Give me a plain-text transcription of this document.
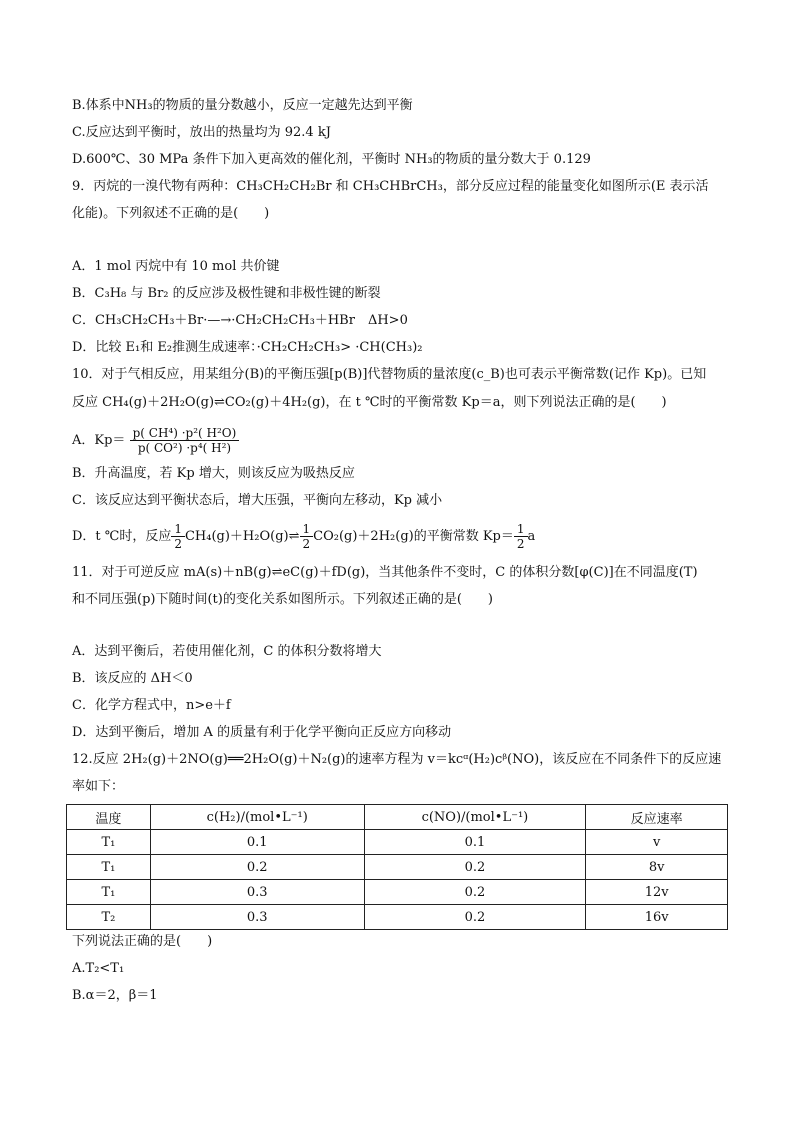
B.体系中NH₃的物质的量分数越小，反应一定越先达到平衡
C.反应达到平衡时，放出的热量均为 92.4 kJ
D.600℃、30 MPa 条件下加入更高效的催化剂，平衡时 NH₃的物质的量分数大于 0.129
9．丙烷的一溴代物有两种：CH₃CH₂CH₂Br 和 CH₃CHBrCH₃，部分反应过程的能量变化如图所示(E 表示活
化能)。下列叙述不正确的是(　　)
A．1 mol 丙烷中有 10 mol 共价键
B．C₃H₈ 与 Br₂ 的反应涉及极性键和非极性键的断裂
C．CH₃CH₂CH₃＋Br·—→·CH₂CH₂CH₃＋HBr　ΔH>0
D．比较 E₁和 E₂推测生成速率：·CH₂CH₂CH₃> ·CH(CH₃)₂
10．对于气相反应，用某组分(B)的平衡压强[p(B)]代替物质的量浓度(c_B)也可表示平衡常数(记作 Kp)。已知
反应 CH₄(g)＋2H₂O(g)⇌CO₂(g)＋4H₂(g)，在 t ℃时的平衡常数 Kp＝a，则下列说法正确的是(　　)
A．$Kp= \frac{\text{p( CH⁴) ·p²( H²O)}}{\text{p( CO²) ·p⁴( H²)}}$
B．升高温度，若 Kp 增大，则该反应为吸热反应
C．该反应达到平衡状态后，增大压强，平衡向左移动，Kp 减小
D．t ℃时，反应 $\frac{1}{2}$ CH₄(g)＋H₂O(g)⇌ $\frac{1}{2} CO_2(g)+2H_2(g)$的平衡常数 $Kp= \frac{1}{2}$ a
11．对于可逆反应 mA(s)＋nB(g)⇌eC(g)＋fD(g)，当其他条件不变时，C 的体积分数[φ(C)]在不同温度(T)
和不同压强(p)下随时间(t)的变化关系如图所示。下列叙述正确的是(　　)
A．达到平衡后，若使用催化剂，C 的体积分数将增大
B．该反应的 ΔH＜0
C．化学方程式中，n>e＋f
D．达到平衡后，增加 A 的质量有利于化学平衡向正反应方向移动
12.反应 2H₂(g)＋2NO(g)══2H₂O(g)＋N₂(g)的速率方程为 v＝kcᵅ(H₂)cᵝ(NO)，该反应在不同条件下的反应速
率如下：
温度	c(H₂)/(mol•L⁻¹)	c(NO)/(mol•L⁻¹)	反应速率
T₁	0.1	0.1	v
T₁	0.2	0.2	8v
T₁	0.3	0.2	12v
T₂	0.3	0.2	16v
下列说法正确的是(　　)
A.T₂<T₁
B.α＝2，β＝1
